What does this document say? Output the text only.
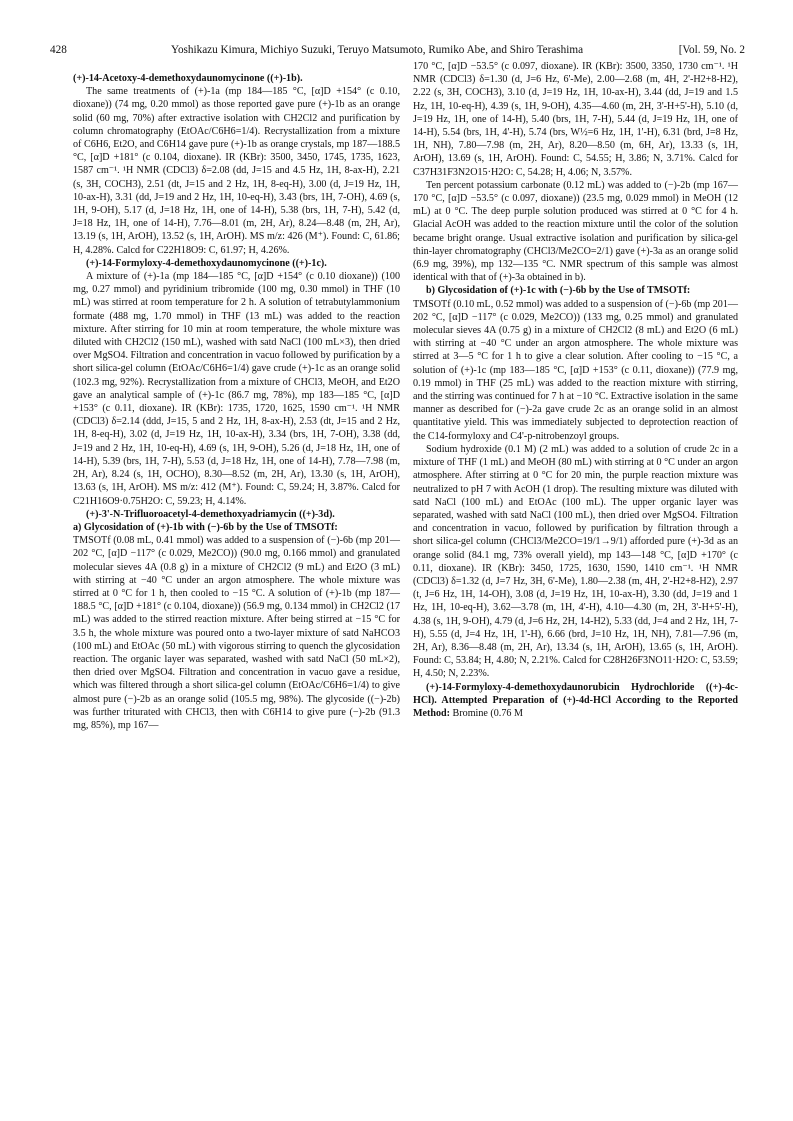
428	Yoshikazu Kimura, Michiyo Suzuki, Teruyo Matsumoto, Rumiko Abe, and Shiro Terashima	[Vol. 59, No. 2

(+)-14-Acetoxy-4-demethoxydaunomycinone ((+)-1b).

The same treatments of (+)-1a (mp 184—185 °C, [α]D +154° (c 0.10, dioxane)) (74 mg, 0.20 mmol) as those reported gave pure (+)-1b as an orange solid (60 mg, 70%) after extractive isolation with CH2Cl2 and purification by column chromatography (EtOAc/C6H6=1/4). Recrystallization from a mixture of C6H6, Et2O, and C6H14 gave pure (+)-1b as orange crystals, mp 187—188.5 °C, [α]D +181° (c 0.104, dioxane). IR (KBr): 3500, 3450, 1745, 1735, 1623, 1587 cm⁻¹. ¹H NMR (CDCl3) δ=2.08 (dd, J=15 and 4.5 Hz, 1H, 8-ax-H), 2.21 (s, 3H, COCH3), 2.51 (dt, J=15 and 2 Hz, 1H, 8-eq-H), 3.00 (d, J=19 Hz, 1H, 10-ax-H), 3.31 (dd, J=19 and 2 Hz, 1H, 10-eq-H), 3.43 (brs, 1H, 7-OH), 4.69 (s, 1H, 9-OH), 5.17 (d, J=18 Hz, 1H, one of 14-H), 5.38 (brs, 1H, 7-H), 5.42 (d, J=18 Hz, 1H, one of 14-H), 7.76—8.01 (m, 2H, Ar), 8.24—8.48 (m, 2H, Ar), 13.19 (s, 1H, ArOH), 13.52 (s, 1H, ArOH). MS m/z: 426 (M⁺). Found: C, 61.86; H, 4.28%. Calcd for C22H18O9: C, 61.97; H, 4.26%.

(+)-14-Formyloxy-4-demethoxydaunomycinone ((+)-1c).

A mixture of (+)-1a (mp 184—185 °C, [α]D +154° (c 0.10 dioxane)) (100 mg, 0.27 mmol) and pyridinium tribromide (100 mg, 0.30 mmol) in THF (10 mL) was stirred at room temperature for 2 h. A solution of tetrabutylammonium formate (488 mg, 1.70 mmol) in THF (13 mL) was added to the reaction mixture. After stirring for 10 min at room temperature, the whole mixture was diluted with CH2Cl2 (150 mL), washed with satd NaCl (100 mL×3), then dried over MgSO4. Filtration and concentration in vacuo followed by purification by a short silica-gel column (EtOAc/C6H6=1/4) gave crude (+)-1c as an orange solid (102.3 mg, 92%). Recrystallization from a mixture of CHCl3, MeOH, and Et2O gave an analytical sample of (+)-1c (86.7 mg, 78%), mp 183—185 °C, [α]D +153° (c 0.11, dioxane). IR (KBr): 1735, 1720, 1625, 1590 cm⁻¹. ¹H NMR (CDCl3) δ=2.14 (ddd, J=15, 5 and 2 Hz, 1H, 8-ax-H), 2.53 (dt, J=15 and 2 Hz, 1H, 8-eq-H), 3.02 (d, J=19 Hz, 1H, 10-ax-H), 3.34 (brs, 1H, 7-OH), 3.38 (dd, J=19 and 2 Hz, 1H, 10-eq-H), 4.69 (s, 1H, 9-OH), 5.26 (d, J=18 Hz, 1H, one of 14-H), 5.39 (brs, 1H, 7-H), 5.53 (d, J=18 Hz, 1H, one of 14-H), 7.78—7.98 (m, 2H, Ar), 8.24 (s, 1H, OCHO), 8.30—8.52 (m, 2H, Ar), 13.30 (s, 1H, ArOH), 13.63 (s, 1H, ArOH). MS m/z: 412 (M⁺). Found: C, 59.24; H, 3.87%. Calcd for C21H16O9·0.75H2O: C, 59.23; H, 4.14%.

(+)-3'-N-Trifluoroacetyl-4-demethoxyadriamycin ((+)-3d).

a) Glycosidation of (+)-1b with (−)-6b by the Use of TMSOTf:

TMSOTf (0.08 mL, 0.41 mmol) was added to a suspension of (−)-6b (mp 201—202 °C, [α]D −117° (c 0.029, Me2CO)) (90.0 mg, 0.166 mmol) and granulated molecular sieves 4A (0.8 g) in a mixture of CH2Cl2 (9 mL) and Et2O (3 mL) with stirring at −40 °C under an argon atmosphere. The whole mixture was stirred at 0 °C for 1 h, then cooled to −15 °C. A solution of (+)-1b (mp 187—188.5 °C, [α]D +181° (c 0.104, dioxane)) (56.9 mg, 0.134 mmol) in CH2Cl2 (17 mL) was added to the stirred reaction mixture. After being stirred at −15 °C for 3.5 h, the whole mixture was poured onto a two-layer mixture of satd NaHCO3 (100 mL) and EtOAc (50 mL) with vigorous stirring to quench the glycosidation reaction. The organic layer was separated, washed with satd NaCl (50 mL×2), then dried over MgSO4. Filtration and concentration in vacuo gave a residue, which was filtered through a short silica-gel column (EtOAc/C6H6=1/4) to give almost pure (−)-2b as an orange solid (105.5 mg, 98%). The glycoside ((−)-2b) was further triturated with CHCl3, then with C6H14 to give pure (−)-2b (91.3 mg, 85%), mp 167—

170 °C, [α]D −53.5° (c 0.097, dioxane). IR (KBr): 3500, 3350, 1730 cm⁻¹. ¹H NMR (CDCl3) δ=1.30 (d, J=6 Hz, 6'-Me), 2.00—2.68 (m, 4H, 2'-H2+8-H2), 2.22 (s, 3H, COCH3), 3.10 (d, J=19 Hz, 1H, 10-ax-H), 3.44 (dd, J=19 and 1.5 Hz, 1H, 10-eq-H), 4.39 (s, 1H, 9-OH), 4.35—4.60 (m, 2H, 3'-H+5'-H), 5.10 (d, J=19 Hz, 1H, one of 14-H), 5.40 (brs, 1H, 7-H), 5.44 (d, J=19 Hz, 1H, one of 14-H), 5.54 (brs, 1H, 4'-H), 5.74 (brs, W½=6 Hz, 1H, 1'-H), 6.31 (brd, J=8 Hz, 1H, NH), 7.80—7.98 (m, 2H, Ar), 8.20—8.50 (m, 6H, Ar), 13.33 (s, 1H, ArOH), 13.69 (s, 1H, ArOH). Found: C, 54.55; H, 3.86; N, 3.71%. Calcd for C37H31F3N2O15·H2O: C, 54.28; H, 4.06; N, 3.57%.

Ten percent potassium carbonate (0.12 mL) was added to (−)-2b (mp 167—170 °C, [α]D −53.5° (c 0.097, dioxane)) (23.5 mg, 0.029 mmol) in MeOH (12 mL) at 0 °C. The deep purple solution produced was stirred at 0 °C for 4 h. Glacial AcOH was added to the reaction mixture until the color of the solution became bright orange. Usual extractive isolation and purification by silica-gel thin-layer chromatography (CHCl3/Me2CO=2/1) gave (+)-3a as an orange solid (6.9 mg, 39%), mp 132—135 °C. NMR spectrum of this sample was almost identical with that of (+)-3a obtained in b).

b) Glycosidation of (+)-1c with (−)-6b by the Use of TMSOTf:

TMSOTf (0.10 mL, 0.52 mmol) was added to a suspension of (−)-6b (mp 201—202 °C, [α]D −117° (c 0.029, Me2CO)) (133 mg, 0.25 mmol) and granulated molecular sieves 4A (0.75 g) in a mixture of CH2Cl2 (8 mL) and Et2O (6 mL) with stirring at −40 °C under an argon atmosphere. The whole mixture was stirred at 3—5 °C for 1 h to give a clear solution. After cooling to −15 °C, a solution of (+)-1c (mp 183—185 °C, [α]D +153° (c 0.11, dioxane)) (77.9 mg, 0.19 mmol) in THF (25 mL) was added to the reaction mixture with stirring, and the stirring was continued for 7 h at −10 °C. Extractive isolation in the same manner as described for (−)-2a gave crude 2c as an orange solid in an almost quantitative yield. This was immediately subjected to deprotection reaction of the C14-formyloxy and C4'-p-nitrobenzoyl groups.

Sodium hydroxide (0.1 M) (2 mL) was added to a solution of crude 2c in a mixture of THF (1 mL) and MeOH (80 mL) with stirring at 0 °C under an argon atmosphere. After stirring at 0 °C for 20 min, the purple reaction mixture was neutralized to pH 7 with AcOH (1 drop). The resulting mixture was diluted with satd NaCl (100 mL) and EtOAc (100 mL). The upper organic layer was separated, washed with satd NaCl (100 mL), then dried over MgSO4. Filtration and concentration in vacuo, followed by purification by filtration through a short silica-gel column (CHCl3/Me2CO=19/1→9/1) afforded pure (+)-3d as an orange solid (84.1 mg, 73% overall yield), mp 143—148 °C, [α]D +170° (c 0.11, dioxane). IR (KBr): 3450, 1725, 1630, 1590, 1410 cm⁻¹. ¹H NMR (CDCl3) δ=1.32 (d, J=7 Hz, 3H, 6'-Me), 1.80—2.38 (m, 4H, 2'-H2+8-H2), 2.97 (t, J=6 Hz, 1H, 14-OH), 3.08 (d, J=19 Hz, 1H, 10-ax-H), 3.30 (dd, J=19 and 1 Hz, 1H, 10-eq-H), 3.62—3.78 (m, 1H, 4'-H), 4.10—4.30 (m, 2H, 3'-H+5'-H), 4.38 (s, 1H, 9-OH), 4.79 (d, J=6 Hz, 2H, 14-H2), 5.33 (dd, J=4 and 2 Hz, 1H, 7-H), 5.55 (d, J=4 Hz, 1H, 1'-H), 6.66 (brd, J=10 Hz, 1H, NH), 7.81—7.96 (m, 2H, Ar), 8.36—8.48 (m, 2H, Ar), 13.34 (s, 1H, ArOH), 13.65 (s, 1H, ArOH). Found: C, 53.84; H, 4.80; N, 2.21%. Calcd for C28H26F3NO11·H2O: C, 53.59; H, 4.50; N, 2.23%.

(+)-14-Formyloxy-4-demethoxydaunorubicin Hydrochloride ((+)-4c-HCl). Attempted Preparation of (+)-4d-HCl According to the Reported Method: Bromine (0.76 M
